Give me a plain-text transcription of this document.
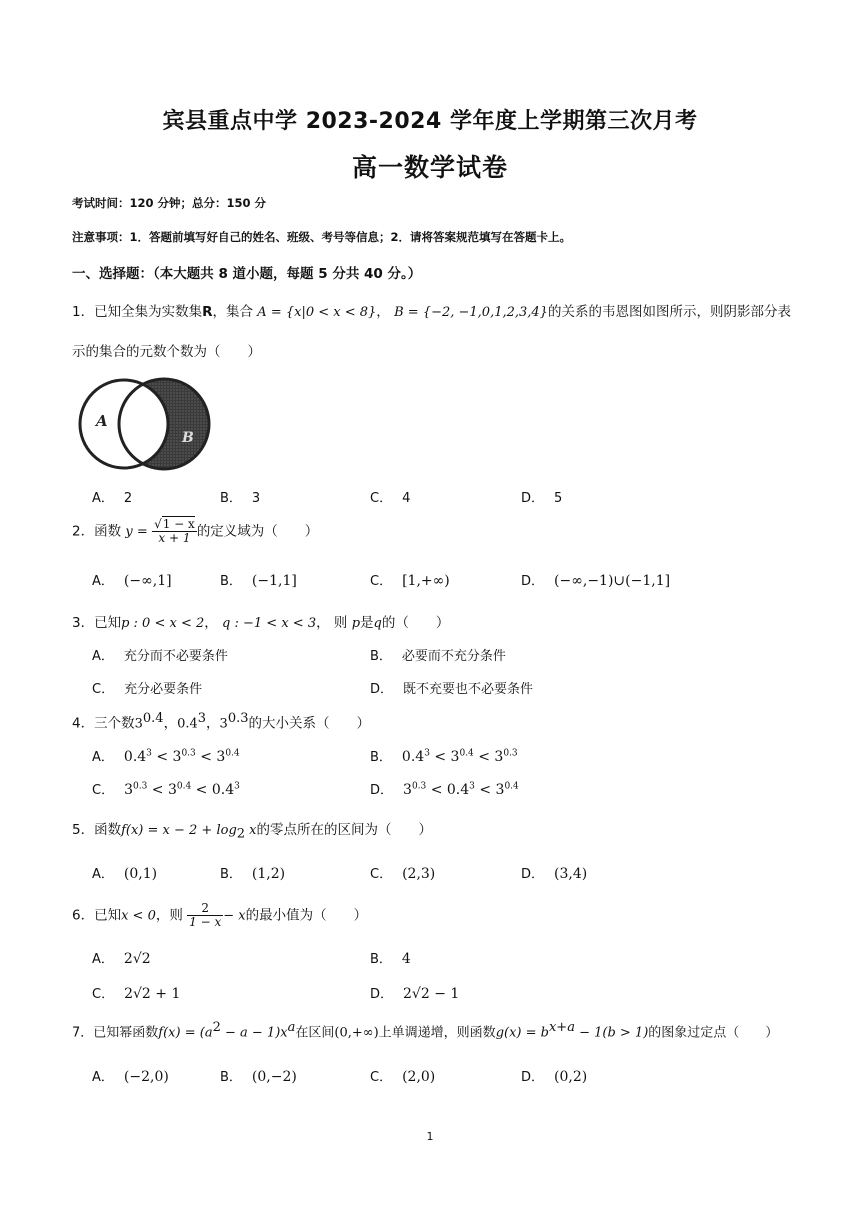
宾县重点中学 2023-2024 学年度上学期第三次月考
高一数学试卷
考试时间：120 分钟；总分：150 分
注意事项：1．答题前填写好自己的姓名、班级、考号等信息；2．请将答案规范填写在答题卡上。
一、选择题：（本大题共 8 道小题，每题 5 分共 40 分。）
1．已知全集为实数集R，集合 A = {x|0 < x < 8}， B = {−2, −1,0,1,2,3,4}的关系的韦恩图如图所示，则阴影部分表
示的集合的元数个数为（　　）
A
B
A． 2	B． 3	C． 4	D． 5
2．函数 $y = \frac{√1 - x}{x + 1}$ 的定义域为（　　）
A． (−∞,1]	B． (−1,1]	C． [1,+∞)	D． (−∞,−1)∪(−1,1]
3．已知p : 0 < x < 2， q : −1 < x < 3， 则 p是q的（　　）
A． 充分而不必要条件	B． 必要而不充分条件
C． 充分必要条件	D． 既不充要也不必要条件
4．三个数$3^{0.4}$，$0.4^3$，$3^{0.3}$的大小关系（　　）
A． $0.4^3 < 3^{0.3} < 3^{0.4}$	B． $0.4^3 < 3^{0.4} < 3^{0.3}$
C． $3^{0.3} < 3^{0.4} < 0.4^3$	D． $3^{0.3} < 0.4^3 < 3^{0.4}$
5．函数$f(x) = x - 2 + \log_2 x$的零点所在的区间为（　　）
A． (0,1)	B． (1,2)	C． (2,3)	D． (3,4)
6．已知x < 0，则 $\frac{2}{1 - x} - x$的最小值为（　　）
A． 2√2	B． 4
C． 2√2 + 1	D． 2√2 − 1
7．已知幂函数$f(x) = (a^2 - a - 1)x^a$在区间(0,+∞)上单调递增，则函数$g(x) = b^{x+a} - 1(b > 1)$的图象过定点（　　）
A． (−2,0)	B． (0,−2)	C． (2,0)	D． (0,2)
1
